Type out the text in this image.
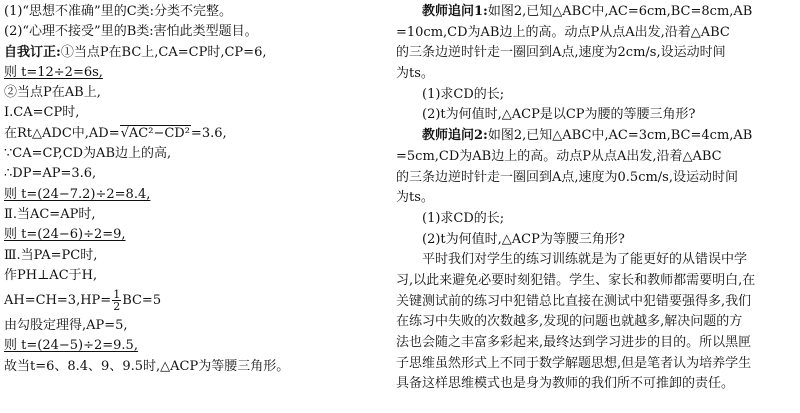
(1)“思想不准确”里的C类:分类不完整。
(2)“心理不接受”里的B类:害怕此类型题目。
自我订正:①当点P在BC上,CA=CP时,CP=6,
则 t=12÷2=6s,
②当点P在AB上,
Ⅰ.CA=CP时,
在Rt△ADC中,AD=√AC²−CD²=3.6,
∵CA=CP,CD为AB边上的高,
∴DP=AP=3.6,
则 t=(24−7.2)÷2=8.4,
Ⅱ.当AC=AP时,
则 t=(24−6)÷2=9,
Ⅲ.当PA=PC时,
作PH⊥AC于H,
$AH=CH=3,HP= \frac{1}{2} BC=5$
由勾股定理得,AP=5,
则 t=(24−5)÷2=9.5,
故当t=6、8.4、9、9.5时,△ACP为等腰三角形。
教师追问1:如图2,已知△ABC中,AC=6cm,BC=8cm,AB
=10cm,CD为AB边上的高。动点P从点A出发,沿着△ABC
的三条边逆时针走一圈回到A点,速度为2cm/s,设运动时间
为ts。
(1)求CD的长;
(2)t为何值时,△ACP是以CP为腰的等腰三角形?
教师追问2:如图2,已知△ABC中,AC=3cm,BC=4cm,AB
=5cm,CD为AB边上的高。动点P从点A出发,沿着△ABC
的三条边逆时针走一圈回到A点,速度为0.5cm/s,设运动时间
为ts。
(1)求CD的长;
(2)t为何值时,△ACP为等腰三角形?
平时我们对学生的练习训练就是为了能更好的从错误中学
习,以此来避免必要时刻犯错。学生、家长和教师都需要明白,在
关键测试前的练习中犯错总比直接在测试中犯错要强得多,我们
在练习中失败的次数越多,发现的问题也就越多,解决问题的方
法也会随之丰富多彩起来,最终达到学习进步的目的。所以黑匣
子思维虽然形式上不同于数学解题思想,但是笔者认为培养学生
具备这样思维模式也是身为教师的我们所不可推卸的责任。
